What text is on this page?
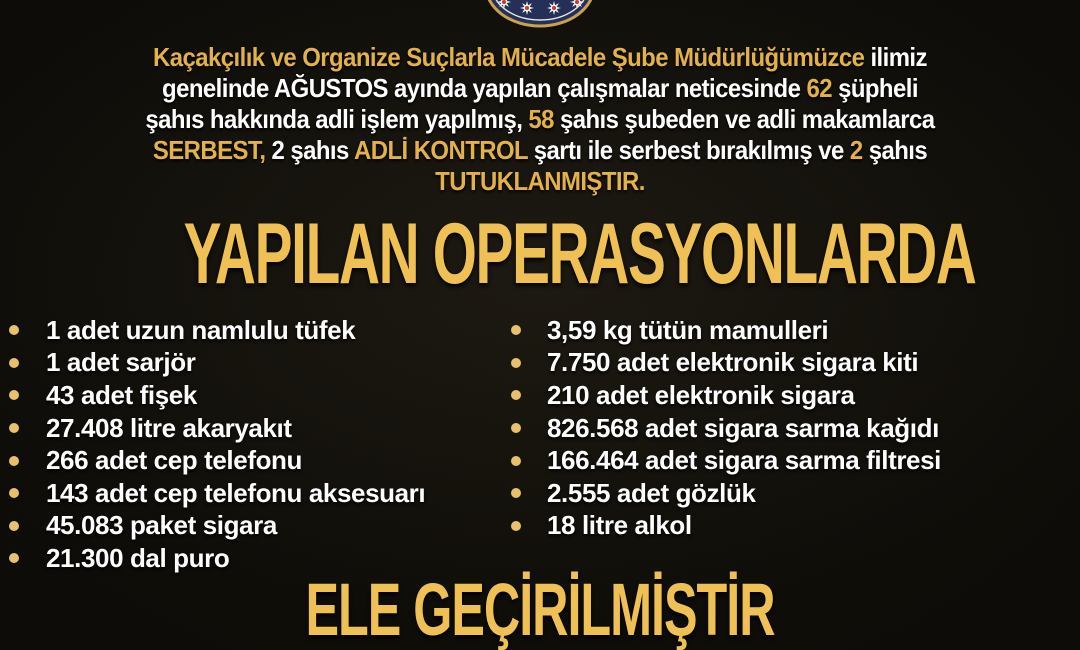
Kaçakçılık ve Organize Suçlarla Mücadele Şube Müdürlüğümüzce ilimiz
genelinde AĞUSTOS ayında yapılan çalışmalar neticesinde 62 şüpheli
şahıs hakkında adli işlem yapılmış, 58 şahıs şubeden ve adli makamlarca
SERBEST, 2 şahıs ADLİ KONTROL şartı ile serbest bırakılmış ve 2 şahıs
TUTUKLANMIŞTIR.
YAPILAN OPERASYONLARDA
1 adet uzun namlulu tüfek
1 adet sarjör
43 adet fişek
27.408 litre akaryakıt
266 adet cep telefonu
143 adet cep telefonu aksesuarı
45.083 paket sigara
21.300 dal puro
3,59 kg tütün mamulleri
7.750 adet elektronik sigara kiti
210 adet elektronik sigara
826.568 adet sigara sarma kağıdı
166.464 adet sigara sarma filtresi
2.555 adet gözlük
18 litre alkol
ELE GEÇİRİLMİŞTİR
